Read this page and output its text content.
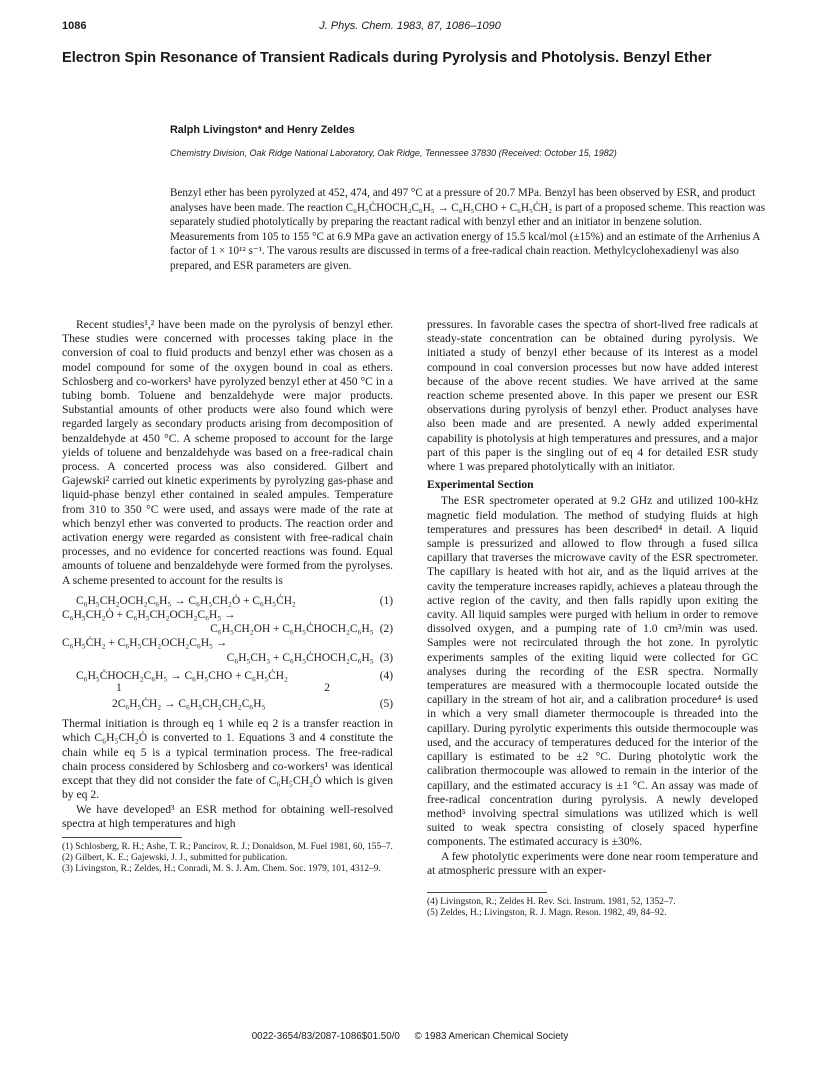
1086	J. Phys. Chem. 1983, 87, 1086–1090
Electron Spin Resonance of Transient Radicals during Pyrolysis and Photolysis. Benzyl Ether
Ralph Livingston* and Henry Zeldes
Chemistry Division, Oak Ridge National Laboratory, Oak Ridge, Tennessee 37830 (Received: October 15, 1982)

Benzyl ether has been pyrolyzed at 452, 474, and 497 °C at a pressure of 20.7 MPa. Benzyl has been observed by ESR, and product analyses have been made. The reaction C₆H₅ĊHOCH₂C₆H₅ → C₆H₅CHO + C₆H₅ĊH₂ is part of a proposed scheme. This reaction was separately studied photolytically by preparing the reactant radical with benzyl ether and an initiator in benzene solution. Measurements from 105 to 155 °C at 6.9 MPa gave an activation energy of 15.5 kcal/mol (±15%) and an estimate of the Arrhenius A factor of 1 × 10¹² s⁻¹. The varous results are discussed in terms of a free-radical chain reaction. Methylcyclohexadienyl was also prepared, and ESR parameters are given.

Recent studies¹,² have been made on the pyrolysis of benzyl ether. These studies were concerned with processes taking place in the conversion of coal to fluid products and benzyl ether was chosen as a model compound for some of the oxygen bound in coal as ethers. Schlosberg and co-workers¹ have pyrolyzed benzyl ether at 450 °C in a tubing bomb. Toluene and benzaldehyde were major products. Substantial amounts of other products were also found which were regarded largely as secondary products arising from decomposition of benzaldehyde at 450 °C. A scheme proposed to account for the large yields of toluene and benzaldehyde was based on a free-radical chain process. A concerted process was also considered. Gilbert and Gajewski² carried out kinetic experiments by pyrolyzing gas-phase and liquid-phase benzyl ether contained in sealed ampules. Temperature from 310 to 350 °C were used, and assays were made of the rate at which benzyl ether was converted to products. The reaction order and activation energy were regarded as consistent with free-radical chain processes, and no evidence for concerted reactions was found. Equal amounts of toluene and benzaldehyde were formed from the pyrolyses. A scheme presented to account for the results is

C₆H₅CH₂OCH₂C₆H₅ → C₆H₅CH₂Ȯ + C₆H₅ĊH₂	(1)
C₆H₅CH₂Ȯ + C₆H₅CH₂OCH₂C₆H₅ →
C₆H₅CH₂OH + C₆H₅ĊHOCH₂C₆H₅ (2)
C₆H₅ĊH₂ + C₆H₅CH₂OCH₂C₆H₅ →
C₆H₅CH₃ + C₆H₅ĊHOCH₂C₆H₅ (3)
C₆H₅ĊHOCH₂C₆H₅ → C₆H₅CHO + C₆H₅ĊH₂	(4)
1	2
2C₆H₅ĊH₂ → C₆H₅CH₂CH₂C₆H₅	(5)

Thermal initiation is through eq 1 while eq 2 is a transfer reaction in which C₆H₅CH₂Ȯ is converted to 1. Equations 3 and 4 constitute the chain while eq 5 is a typical termination process. The free-radical chain process considered by Schlosberg and co-workers¹ was identical except that they did not consider the fate of C₆H₅CH₂Ȯ which is given by eq 2.

We have developed³ an ESR method for obtaining well-resolved spectra at high temperatures and high

(1) Schlosberg, R. H.; Ashe, T. R.; Pancirov, R. J.; Donaldson, M. Fuel 1981, 60, 155–7.

(2) Gilbert, K. E.; Gajewski, J. J., submitted for publication.

(3) Livingston, R.; Zeldes, H.; Conradi, M. S. J. Am. Chem. Soc. 1979, 101, 4312–9.

pressures. In favorable cases the spectra of short-lived free radicals at steady-state concentration can be obtained during pyrolysis. We initiated a study of benzyl ether because of its interest as a model compound in coal conversion processes but now have added interest because of the above recent studies. We have arrived at the same reaction scheme presented above. In this paper we present our ESR observations during pyrolysis of benzyl ether. Product analyses have also been made and are presented. A newly added experimental capability is photolysis at high temperatures and pressures, and a major part of this paper is the singling out of eq 4 for detailed ESR study where 1 was prepared photolytically with an initiator.

Experimental Section

The ESR spectrometer operated at 9.2 GHz and utilized 100-kHz magnetic field modulation. The method of studying fluids at high temperatures and pressures has been described⁴ in detail. A liquid sample is pressurized and allowed to flow through a fused silica capillary that traverses the microwave cavity of the ESR spectrometer. The capillary is heated with hot air, and as the liquid arrives at the cavity the temperature increases rapidly, achieves a plateau through the active region of the cavity, and then falls rapidly upon exiting the cavity. All liquid samples were purged with helium in order to remove dissolved oxygen, and a pumping rate of 1.0 cm³/min was used. Samples were not recirculated through the hot zone. In pyrolytic experiments samples of the exiting liquid were collected for GC analyses during the recording of the ESR spectra. Normally temperatures are measured with a thermocouple located outside the capillary in the stream of hot air, and a calibration procedure⁴ is used in which a very small diameter thermocouple is threaded into the capillary. During pyrolytic experiments this outside thermocouple was used, and the accuracy of temperatures deduced for the interior of the capillary is estimated to be ±2 °C. During photolytic work the calibration thermocouple was allowed to remain in the interior of the capillary, and the estimated accuracy is ±1 °C. An assay was made of free-radical concentration during pyrolysis. A newly developed method⁵ involving spectral simulations was utilized which is well suited to weak spectra consisting of closely spaced hyperfine components. The estimated accuracy is ±30%.

A few photolytic experiments were done near room temperature and at atmospheric pressure with an exper-

(4) Livingston, R.; Zeldes H. Rev. Sci. Instrum. 1981, 52, 1352–7.

(5) Zeldes, H.; Livingston, R. J. Magn. Reson. 1982, 49, 84–92.

0022-3654/83/2087-1086$01.50/0 © 1983 American Chemical Society
